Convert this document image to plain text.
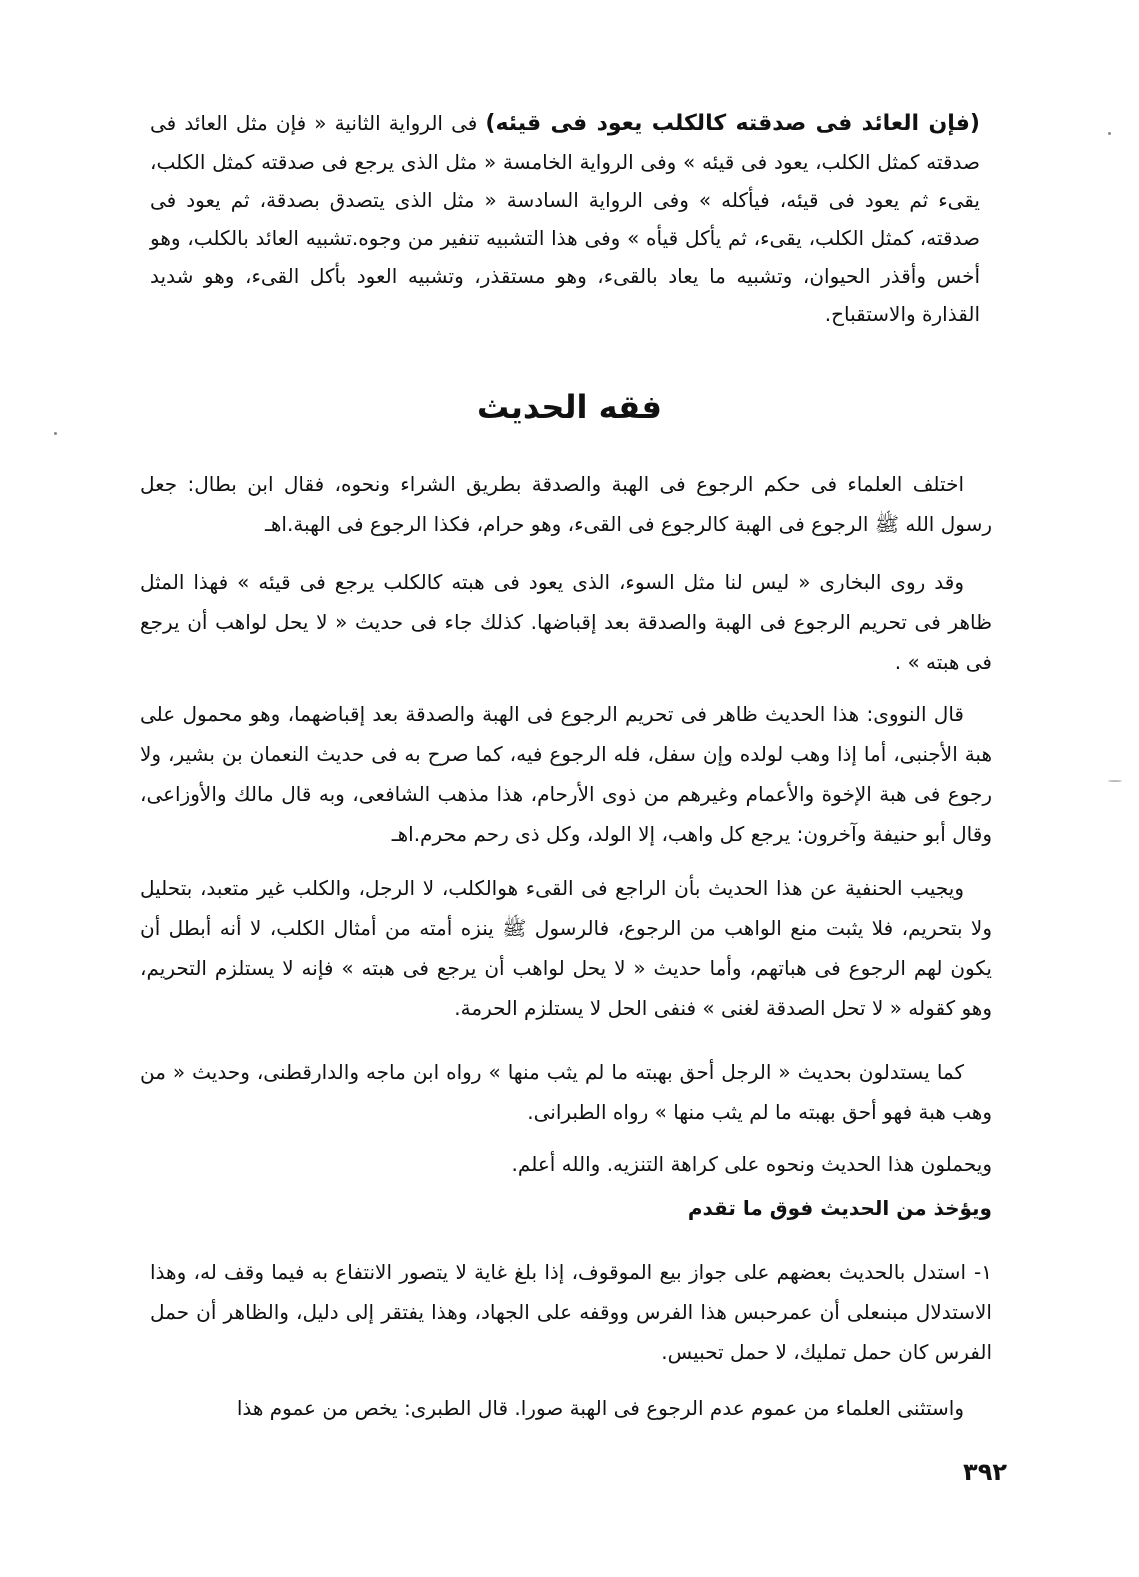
(فإن العائد فى صدقته كالكلب يعود فى قيئه) فى الرواية الثانية « فإن مثل العائد فى صدقته كمثل الكلب، يعود فى قيئه » وفى الرواية الخامسة « مثل الذى يرجع فى صدقته كمثل الكلب، يقىء ثم يعود فى قيئه، فيأكله » وفى الرواية السادسة « مثل الذى يتصدق بصدقة، ثم يعود فى صدقته، كمثل الكلب، يقىء، ثم يأكل قيأه » وفى هذا التشبيه تنفير من وجوه.تشبيه العائد بالكلب، وهو أخس وأقذر الحيوان، وتشبيه ما يعاد بالقىء، وهو مستقذر، وتشبيه العود بأكل القىء، وهو شديد القذارة والاستقباح.

فقه الحديث
اختلف العلماء فى حكم الرجوع فى الهبة والصدقة بطريق الشراء ونحوه، فقال ابن بطال: جعل رسول الله ﷺ الرجوع فى الهبة كالرجوع فى القىء، وهو حرام، فكذا الرجوع فى الهبة.اهـ
وقد روى البخارى « ليس لنا مثل السوء، الذى يعود فى هبته كالكلب يرجع فى قيئه » فهذا المثل ظاهر فى تحريم الرجوع فى الهبة والصدقة بعد إقباضها. كذلك جاء فى حديث « لا يحل لواهب أن يرجع فى هبته » .
قال النووى: هذا الحديث ظاهر فى تحريم الرجوع فى الهبة والصدقة بعد إقباضهما، وهو محمول على هبة الأجنبى، أما إذا وهب لولده وإن سفل، فله الرجوع فيه، كما صرح به فى حديث النعمان بن بشير، ولا رجوع فى هبة الإخوة والأعمام وغيرهم من ذوى الأرحام، هذا مذهب الشافعى، وبه قال مالك والأوزاعى، وقال أبو حنيفة وآخرون: يرجع كل واهب، إلا الولد، وكل ذى رحم محرم.اهـ
ويجيب الحنفية عن هذا الحديث بأن الراجع فى القىء هوالكلب، لا الرجل، والكلب غير متعبد، بتحليل ولا بتحريم، فلا يثبت منع الواهب من الرجوع، فالرسول ﷺ ينزه أمته من أمثال الكلب، لا أنه أبطل أن يكون لهم الرجوع فى هباتهم، وأما حديث « لا يحل لواهب أن يرجع فى هبته » فإنه لا يستلزم التحريم، وهو كقوله « لا تحل الصدقة لغنى » فنفى الحل لا يستلزم الحرمة.
كما يستدلون بحديث « الرجل أحق بهبته ما لم يثب منها » رواه ابن ماجه والدارقطنى، وحديث « من وهب هبة فهو أحق بهبته ما لم يثب منها » رواه الطبرانى.
ويحملون هذا الحديث ونحوه على كراهة التنزيه. والله أعلم.
ويؤخذ من الحديث فوق ما تقدم
١-استدل بالحديث بعضهم على جواز بيع الموقوف، إذا بلغ غاية لا يتصور الانتفاع به فيما وقف له، وهذا الاستدلال مبنىعلى أن عمرحبس هذا الفرس ووقفه على الجهاد، وهذا يفتقر إلى دليل، والظاهر أن حمل الفرس كان حمل تمليك، لا حمل تحبيس.
واستثنى العلماء من عموم عدم الرجوع فى الهبة صورا. قال الطبرى: يخص من عموم هذا
٣٩٢
